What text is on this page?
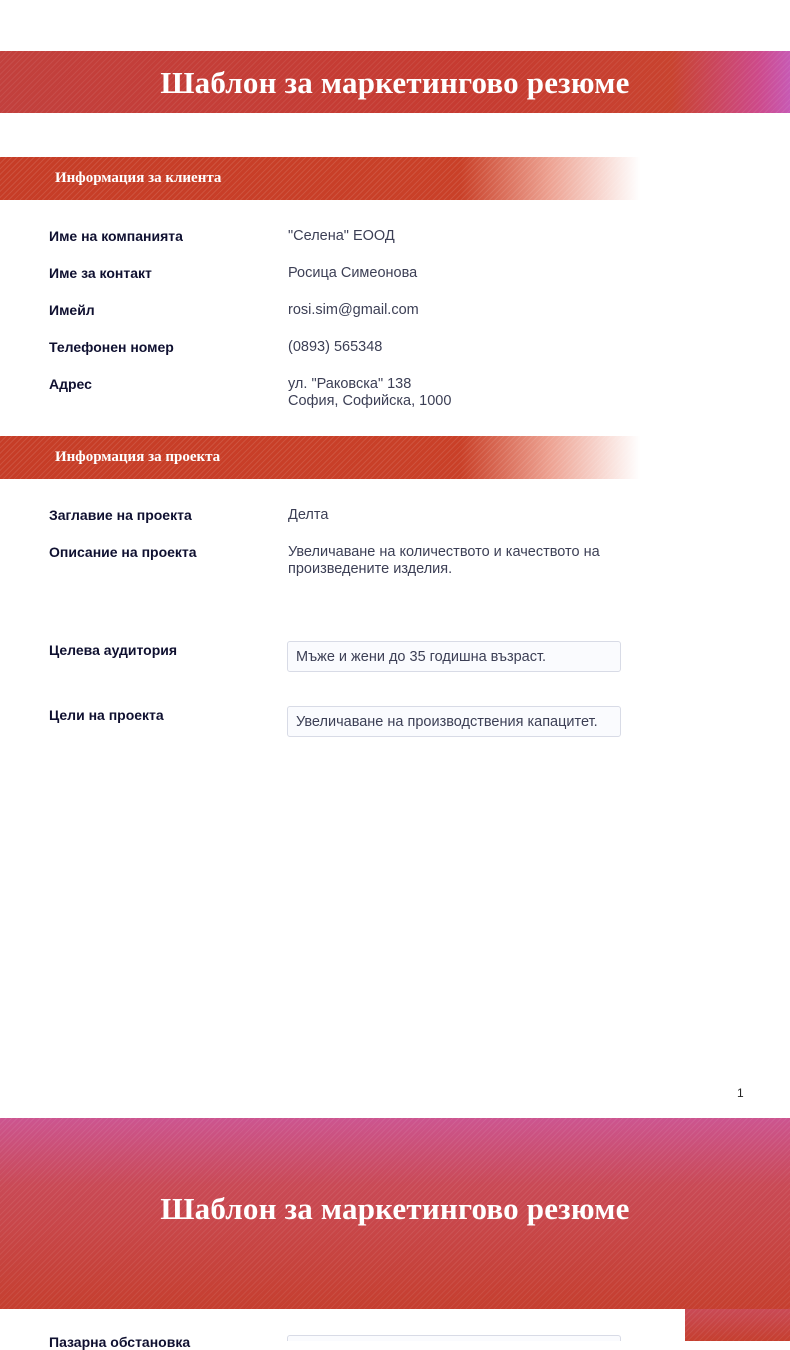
Шаблон за маркетингово резюме
Информация за клиента
Име на компанията	"Селена" ЕООД
Име за контакт	Росица Симеонова
Имейл	rosi.sim@gmail.com
Телефонен номер	(0893) 565348
Адрес	ул. "Раковска" 138
София, Софийска, 1000
Информация за проекта
Заглавие на проекта	Делта
Описание на проекта	Увеличаване на количеството и качеството на произведените изделия.
Целева аудитория	Мъже и жени до 35 годишна възраст.
Цели на проекта	Увеличаване на производствения капацитет.
1
Шаблон за маркетингово резюме
Пазарна обстановка
